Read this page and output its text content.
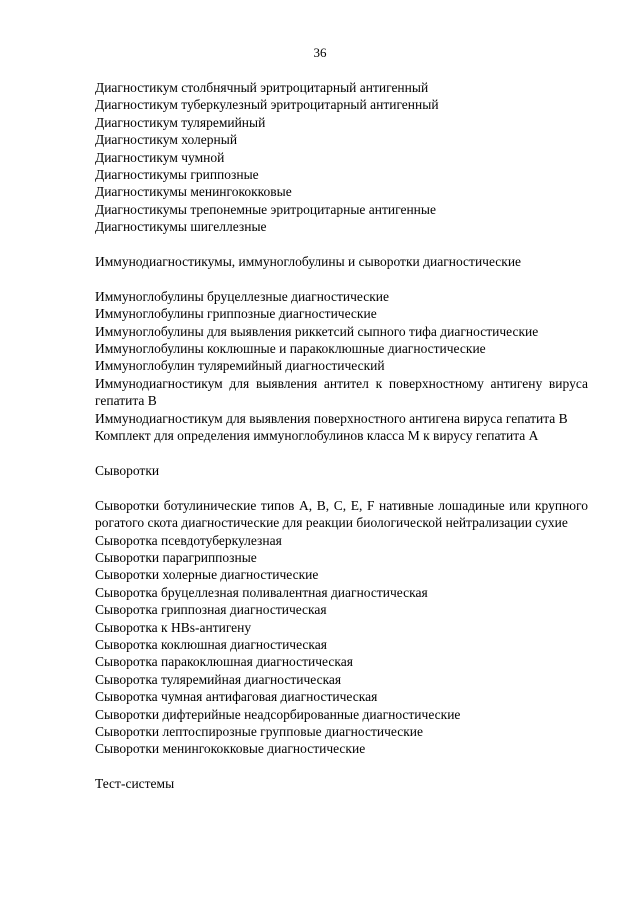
36
Диагностикум столбнячный эритроцитарный антигенный
Диагностикум туберкулезный эритроцитарный антигенный
Диагностикум туляремийный
Диагностикум холерный
Диагностикум чумной
Диагностикумы гриппозные
Диагностикумы менингококковые
Диагностикумы трепонемные эритроцитарные антигенные
Диагностикумы шигеллезные
Иммунодиагностикумы, иммуноглобулины и сыворотки диагностические
Иммуноглобулины бруцеллезные диагностические
Иммуноглобулины гриппозные диагностические
Иммуноглобулины для выявления риккетсий сыпного тифа диагностические
Иммуноглобулины коклюшные и паракоклюшные диагностические
Иммуноглобулин туляремийный диагностический
Иммунодиагностикум для выявления антител к поверхностному антигену вируса гепатита В
Иммунодиагностикум для выявления поверхностного антигена вируса гепатита В
Комплект для определения иммуноглобулинов класса М к вирусу гепатита А
Сыворотки
Сыворотки ботулинические типов А, В, С, Е, F нативные лошадиные или крупного рогатого скота диагностические для реакции биологической нейтрализации сухие
Сыворотка псевдотуберкулезная
Сыворотки парагриппозные
Сыворотки холерные диагностические
Сыворотка бруцеллезная поливалентная диагностическая
Сыворотка гриппозная диагностическая
Сыворотка к HBs-антигену
Сыворотка коклюшная диагностическая
Сыворотка паракоклюшная диагностическая
Сыворотка туляремийная диагностическая
Сыворотка чумная антифаговая диагностическая
Сыворотки дифтерийные неадсорбированные диагностические
Сыворотки лептоспирозные групповые диагностические
Сыворотки менингококковые диагностические
Тест-системы
